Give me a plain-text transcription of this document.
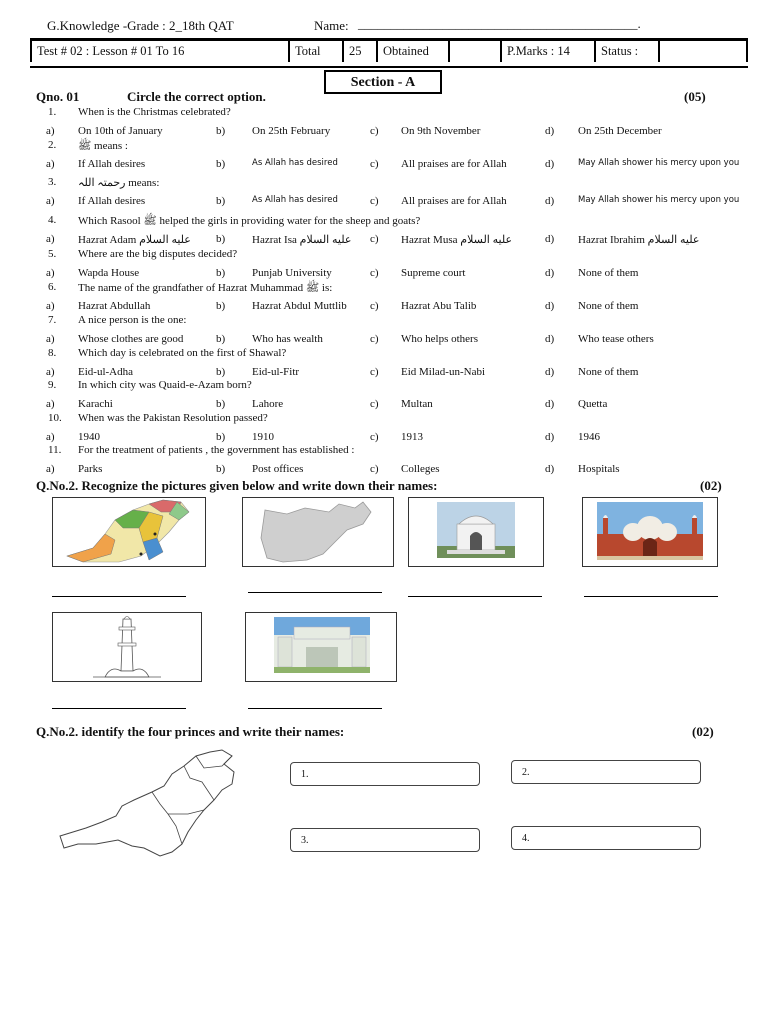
G.Knowledge -Grade : 2_18th QAT	Name: ___________________________________________.
Test # 02 : Lesson # 01 To 16	Total	25	Obtained	P.Marks : 14	Status :
Section - A
Qno. 01	Circle the correct option.	(05)
1. When is the Christmas celebrated?
a) On 10th of January	b) On 25th February	c) On 9th November	d) On 25th December
2. ﷺ means :
a) If Allah desires	b)	As Allah has desired	c) All praises are for Allah	d)	May Allah shower his mercy upon you
3. رحمتہ اللہ means:
a) If Allah desires	b)	As Allah has desired	c) All praises are for Allah	d)	May Allah shower his mercy upon you
4. Which Rasool ﷺ helped the girls in providing water for the sheep and goats?
a) Hazrat Adam عليه السلام b) Hazrat Isa عليه السلام c) Hazrat Musa عليه السلام	d) Hazrat Ibrahim عليه السلام
5. Where are the big disputes decided?
a) Wapda House	b) Punjab University	c) Supreme court	d) None of them
6. The name of the grandfather of Hazrat Muhammad ﷺ is:
a) Hazrat Abdullah	b) Hazrat Abdul Muttlib c) Hazrat Abu Talib	d) None of them
7. A nice person is the one:
a) Whose clothes are good	b) Who has wealth	c) Who helps others	d) Who tease others
8. Which day is celebrated on the first of Shawal?
a) Eid-ul-Adha	b) Eid-ul-Fitr	c) Eid Milad-un-Nabi	d) None of them
9. In which city was Quaid-e-Azam born?
a) Karachi	b) Lahore	c) Multan	d) Quetta
10. When was the Pakistan Resolution passed?
a) 1940	b) 1910	c) 1913	d) 1946
11. For the treatment of patients , the government has established :
a) Parks	b) Post offices	c) Colleges	d) Hospitals
Q.No.2. Recognize the pictures given below and write down their names:	(02)
Q.No.2. identify the four princes and write their names:	(02)
1.	2.
3.	4.
